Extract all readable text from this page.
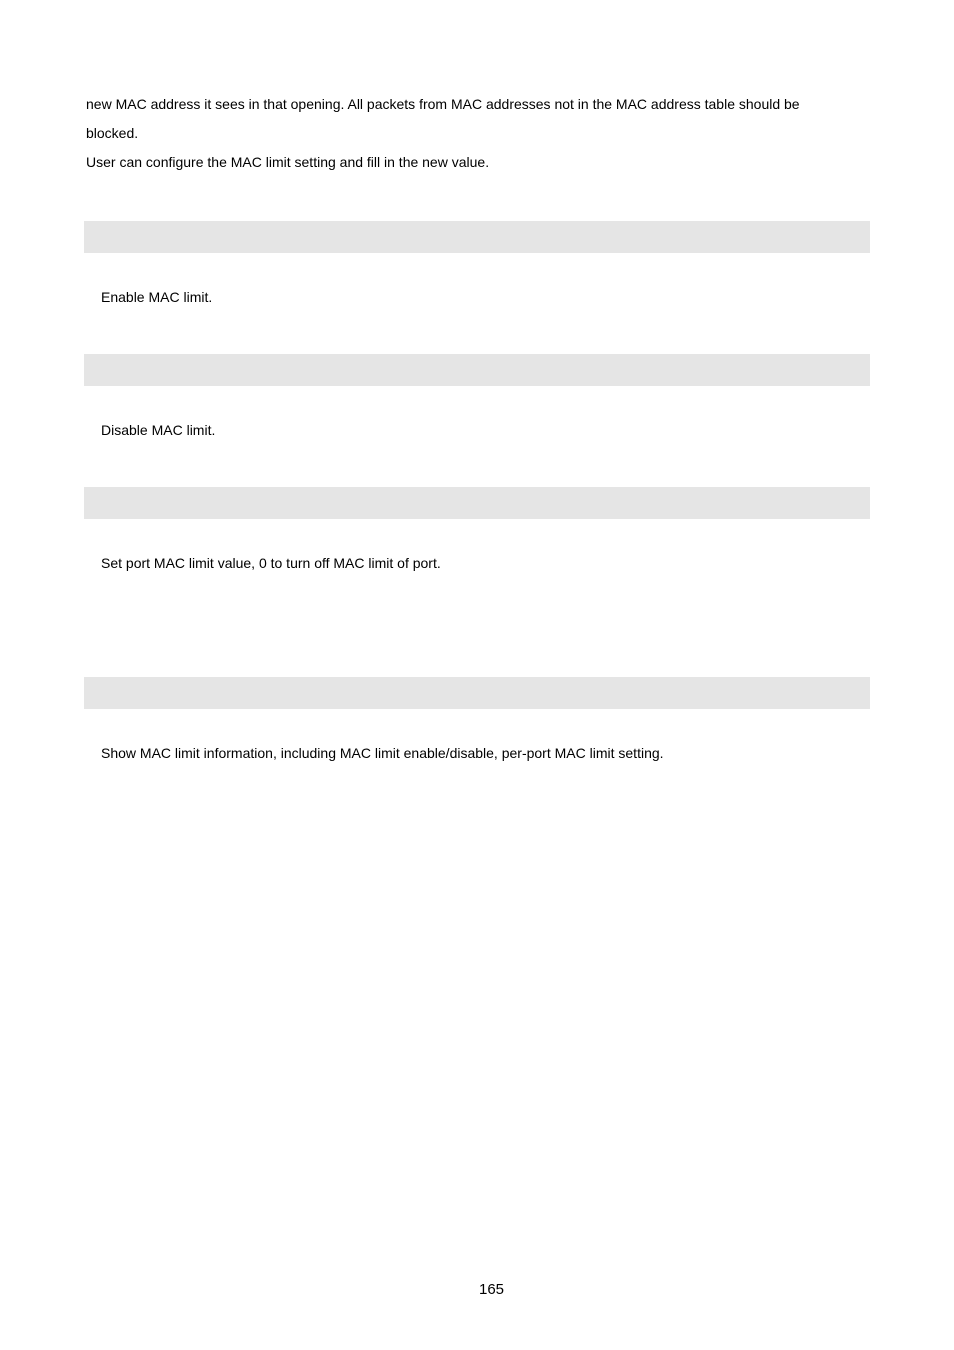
new MAC address it sees in that opening. All packets from MAC addresses not in the MAC address table should be

blocked.

User can configure the MAC limit setting and fill in the new value.

Enable MAC limit.
Disable MAC limit.
Set port MAC limit value, 0 to turn off MAC limit of port.
Show MAC limit information, including MAC limit enable/disable, per-port MAC limit setting.
165
